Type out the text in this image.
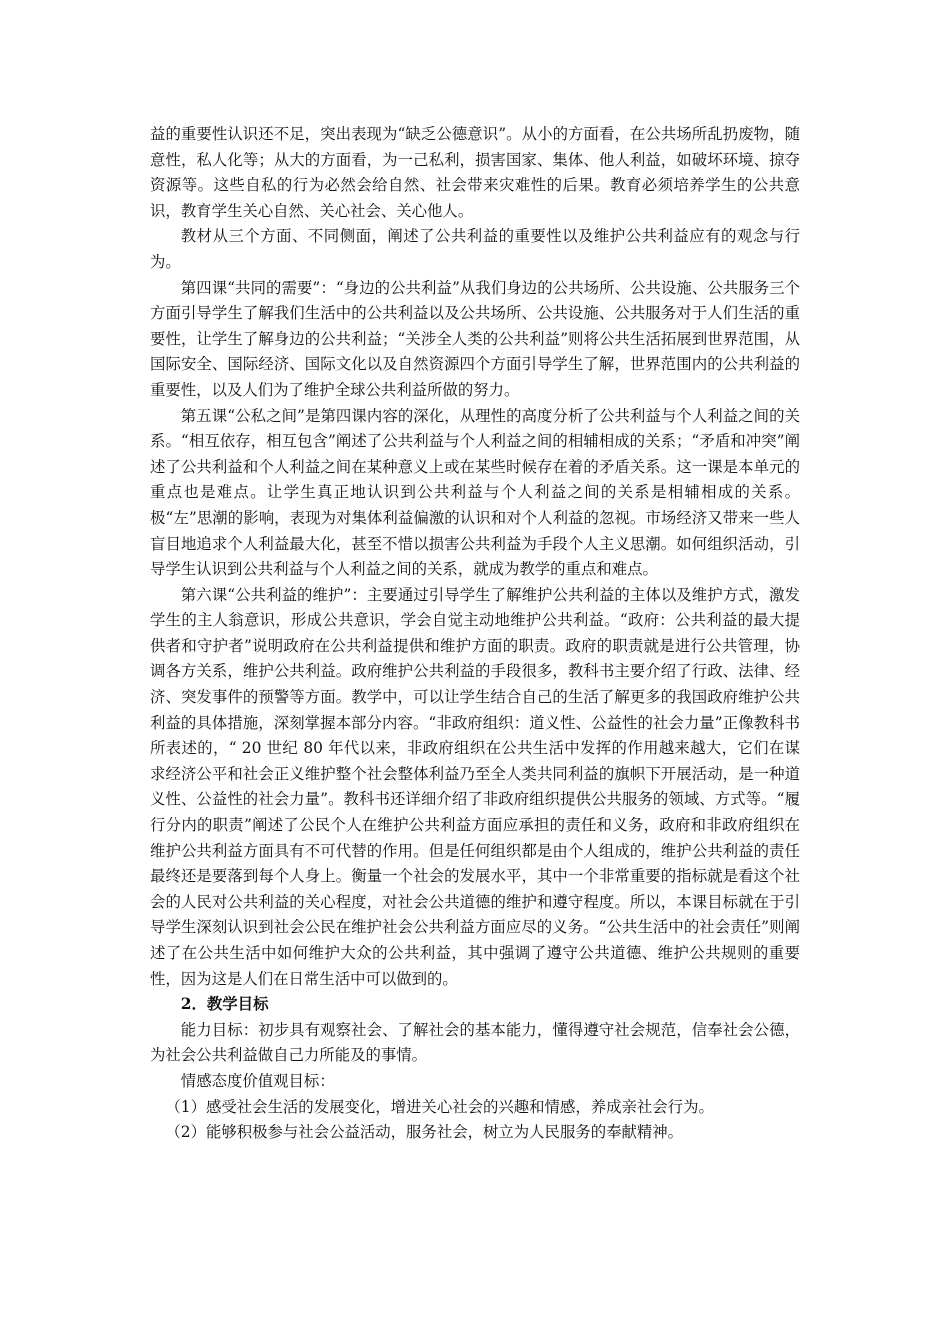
益的重要性认识还不足，突出表现为“缺乏公德意识”。从小的方面看，在公共场所乱扔废物，随意性，私人化等；从大的方面看，为一己私利，损害国家、集体、他人利益，如破坏环境、掠夺资源等。这些自私的行为必然会给自然、社会带来灾难性的后果。教育必须培养学生的公共意识，教育学生关心自然、关心社会、关心他人。

教材从三个方面、不同侧面，阐述了公共利益的重要性以及维护公共利益应有的观念与行为。

第四课“共同的需要”：“身边的公共利益”从我们身边的公共场所、公共设施、公共服务三个方面引导学生了解我们生活中的公共利益以及公共场所、公共设施、公共服务对于人们生活的重要性，让学生了解身边的公共利益；“关涉全人类的公共利益”则将公共生活拓展到世界范围，从国际安全、国际经济、国际文化以及自然资源四个方面引导学生了解，世界范围内的公共利益的重要性，以及人们为了维护全球公共利益所做的努力。

第五课“公私之间”是第四课内容的深化，从理性的高度分析了公共利益与个人利益之间的关系。“相互依存，相互包含”阐述了公共利益与个人利益之间的相辅相成的关系；“矛盾和冲突”阐述了公共利益和个人利益之间在某种意义上或在某些时候存在着的矛盾关系。这一课是本单元的重点也是难点。让学生真正地认识到公共利益与个人利益之间的关系是相辅相成的关系。极“左”思潮的影响，表现为对集体利益偏激的认识和对个人利益的忽视。市场经济又带来一些人盲目地追求个人利益最大化，甚至不惜以损害公共利益为手段个人主义思潮。如何组织活动，引导学生认识到公共利益与个人利益之间的关系，就成为教学的重点和难点。

第六课“公共利益的维护”：主要通过引导学生了解维护公共利益的主体以及维护方式，激发学生的主人翁意识，形成公共意识，学会自觉主动地维护公共利益。“政府：公共利益的最大提供者和守护者”说明政府在公共利益提供和维护方面的职责。政府的职责就是进行公共管理，协调各方关系，维护公共利益。政府维护公共利益的手段很多，教科书主要介绍了行政、法律、经济、突发事件的预警等方面。教学中，可以让学生结合自己的生活了解更多的我国政府维护公共利益的具体措施，深刻掌握本部分内容。“非政府组织：道义性、公益性的社会力量”正像教科书所表述的，“ 20 世纪 80 年代以来，非政府组织在公共生活中发挥的作用越来越大，它们在谋求经济公平和社会正义维护整个社会整体利益乃至全人类共同利益的旗帜下开展活动，是一种道义性、公益性的社会力量”。教科书还详细介绍了非政府组织提供公共服务的领域、方式等。“履行分内的职责”阐述了公民个人在维护公共利益方面应承担的责任和义务，政府和非政府组织在维护公共利益方面具有不可代替的作用。但是任何组织都是由个人组成的，维护公共利益的责任最终还是要落到每个人身上。衡量一个社会的发展水平，其中一个非常重要的指标就是看这个社会的人民对公共利益的关心程度，对社会公共道德的维护和遵守程度。所以，本课目标就在于引导学生深刻认识到社会公民在维护社会公共利益方面应尽的义务。“公共生活中的社会责任”则阐述了在公共生活中如何维护大众的公共利益，其中强调了遵守公共道德、维护公共规则的重要性，因为这是人们在日常生活中可以做到的。

2．教学目标

能力目标：初步具有观察社会、了解社会的基本能力，懂得遵守社会规范，信奉社会公德，为社会公共利益做自己力所能及的事情。

情感态度价值观目标：

（1）感受社会生活的发展变化，增进关心社会的兴趣和情感，养成亲社会行为。

（2）能够积极参与社会公益活动，服务社会，树立为人民服务的奉献精神。
